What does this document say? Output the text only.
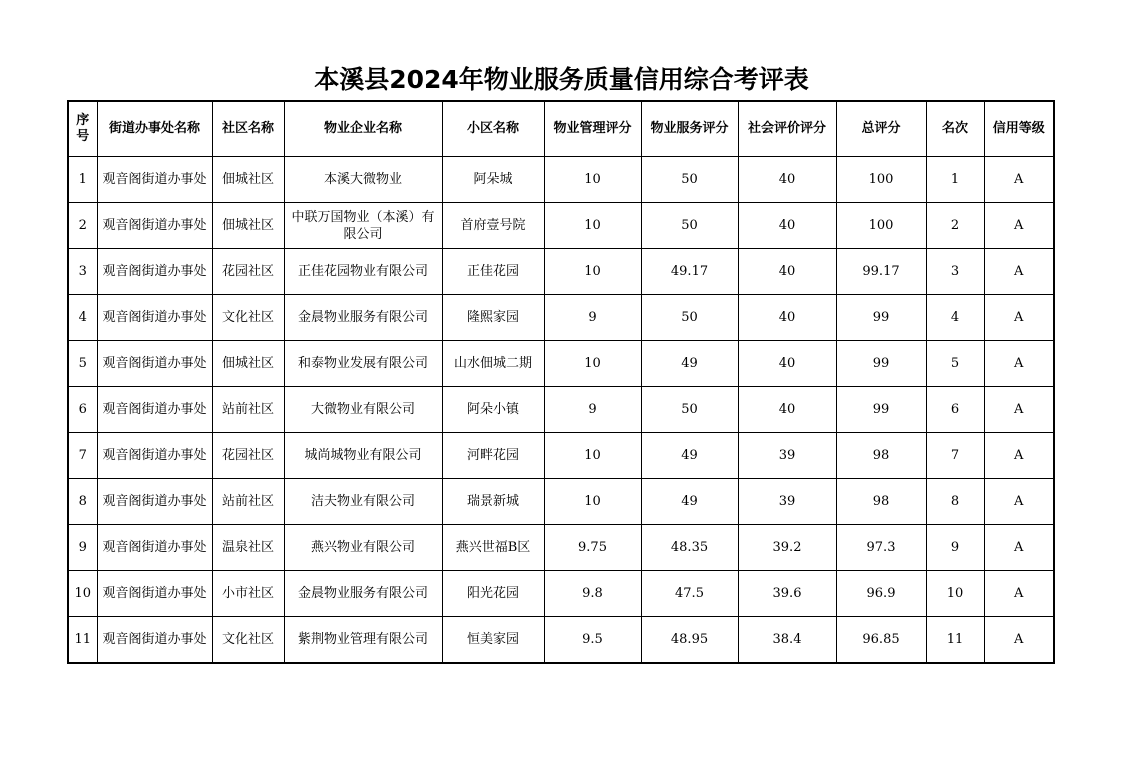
本溪县2024年物业服务质量信用综合考评表
序号	街道办事处名称	社区名称	物业企业名称	小区名称	物业管理评分	物业服务评分	社会评价评分	总评分	名次	信用等级
1	观音阁街道办事处	佃城社区	本溪大微物业	阿朵城	10	50	40	100	1	A
2	观音阁街道办事处	佃城社区	中联万国物业（本溪）有限公司	首府壹号院	10	50	40	100	2	A
3	观音阁街道办事处	花园社区	正佳花园物业有限公司	正佳花园	10	49.17	40	99.17	3	A
4	观音阁街道办事处	文化社区	金晨物业服务有限公司	隆熙家园	9	50	40	99	4	A
5	观音阁街道办事处	佃城社区	和泰物业发展有限公司	山水佃城二期	10	49	40	99	5	A
6	观音阁街道办事处	站前社区	大微物业有限公司	阿朵小镇	9	50	40	99	6	A
7	观音阁街道办事处	花园社区	城尚城物业有限公司	河畔花园	10	49	39	98	7	A
8	观音阁街道办事处	站前社区	洁夫物业有限公司	瑞景新城	10	49	39	98	8	A
9	观音阁街道办事处	温泉社区	燕兴物业有限公司	燕兴世福B区	9.75	48.35	39.2	97.3	9	A
10	观音阁街道办事处	小市社区	金晨物业服务有限公司	阳光花园	9.8	47.5	39.6	96.9	10	A
11	观音阁街道办事处	文化社区	紫荆物业管理有限公司	恒美家园	9.5	48.95	38.4	96.85	11	A
